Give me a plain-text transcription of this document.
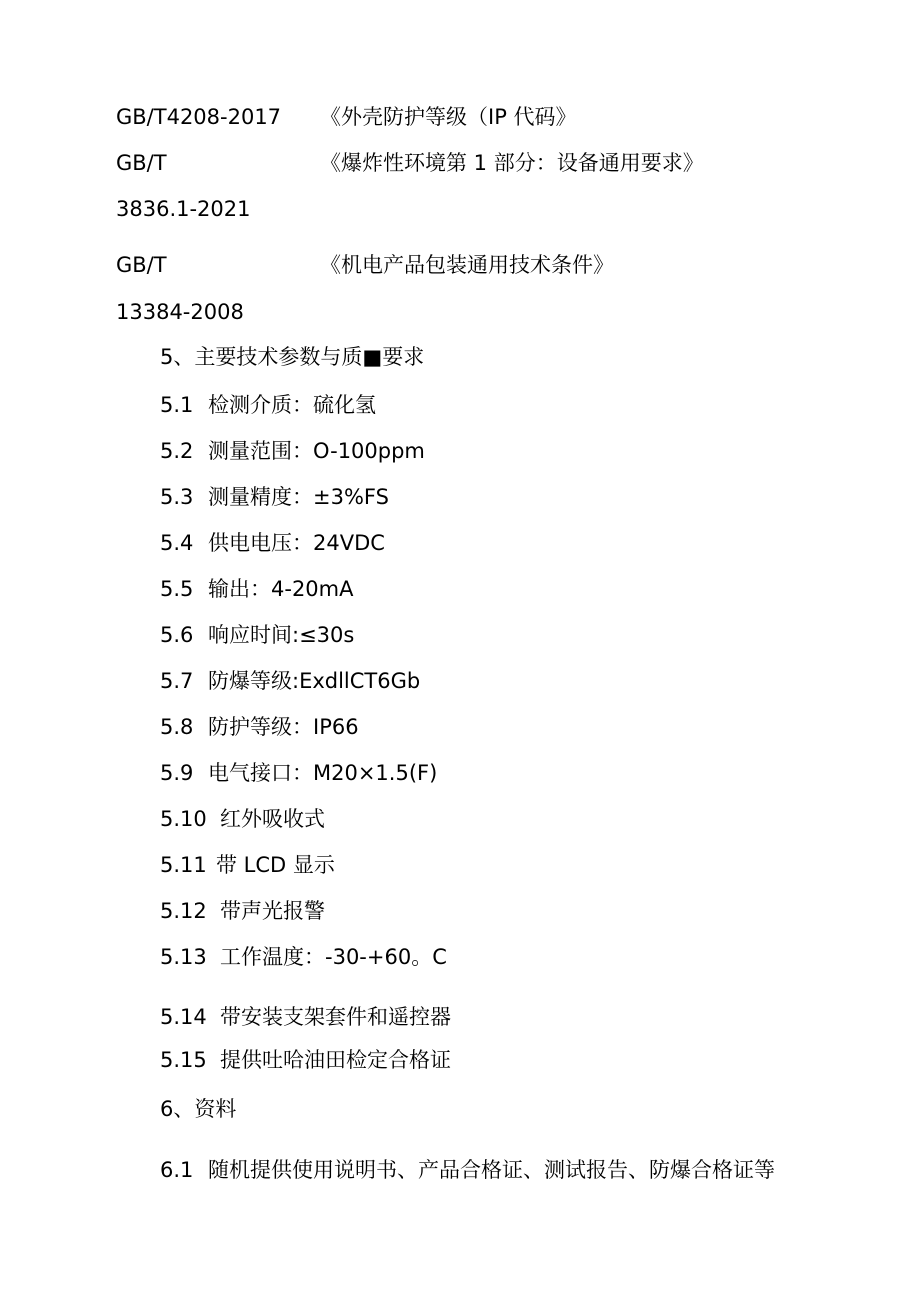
GB/T4208-2017 《外壳防护等级（IP 代码》
GB/T	《爆炸性环境第 1 部分：设备通用要求》
3836.1-2021
GB/T	《机电产品包装通用技术条件》
13384-2008
5、主要技术参数与质■要求
5.1 检测介质：硫化氢
5.2 测量范围：O-100ppm
5.3 测量精度：±3%FS
5.4 供电电压：24VDC
5.5 输出：4-20mA
5.6 响应时间:≤30s
5.7 防爆等级:ExdllCT6Gb
5.8 防护等级：IP66
5.9 电气接口：M20×1.5(F)
5.10 红外吸收式
5.11 带 LCD 显示
5.12 带声光报警
5.13 工作温度：-30-+60。C
5.14 带安装支架套件和遥控器
5.15 提供吐哈油田检定合格证
6、资料
6.1 随机提供使用说明书、产品合格证、测试报告、防爆合格证等
